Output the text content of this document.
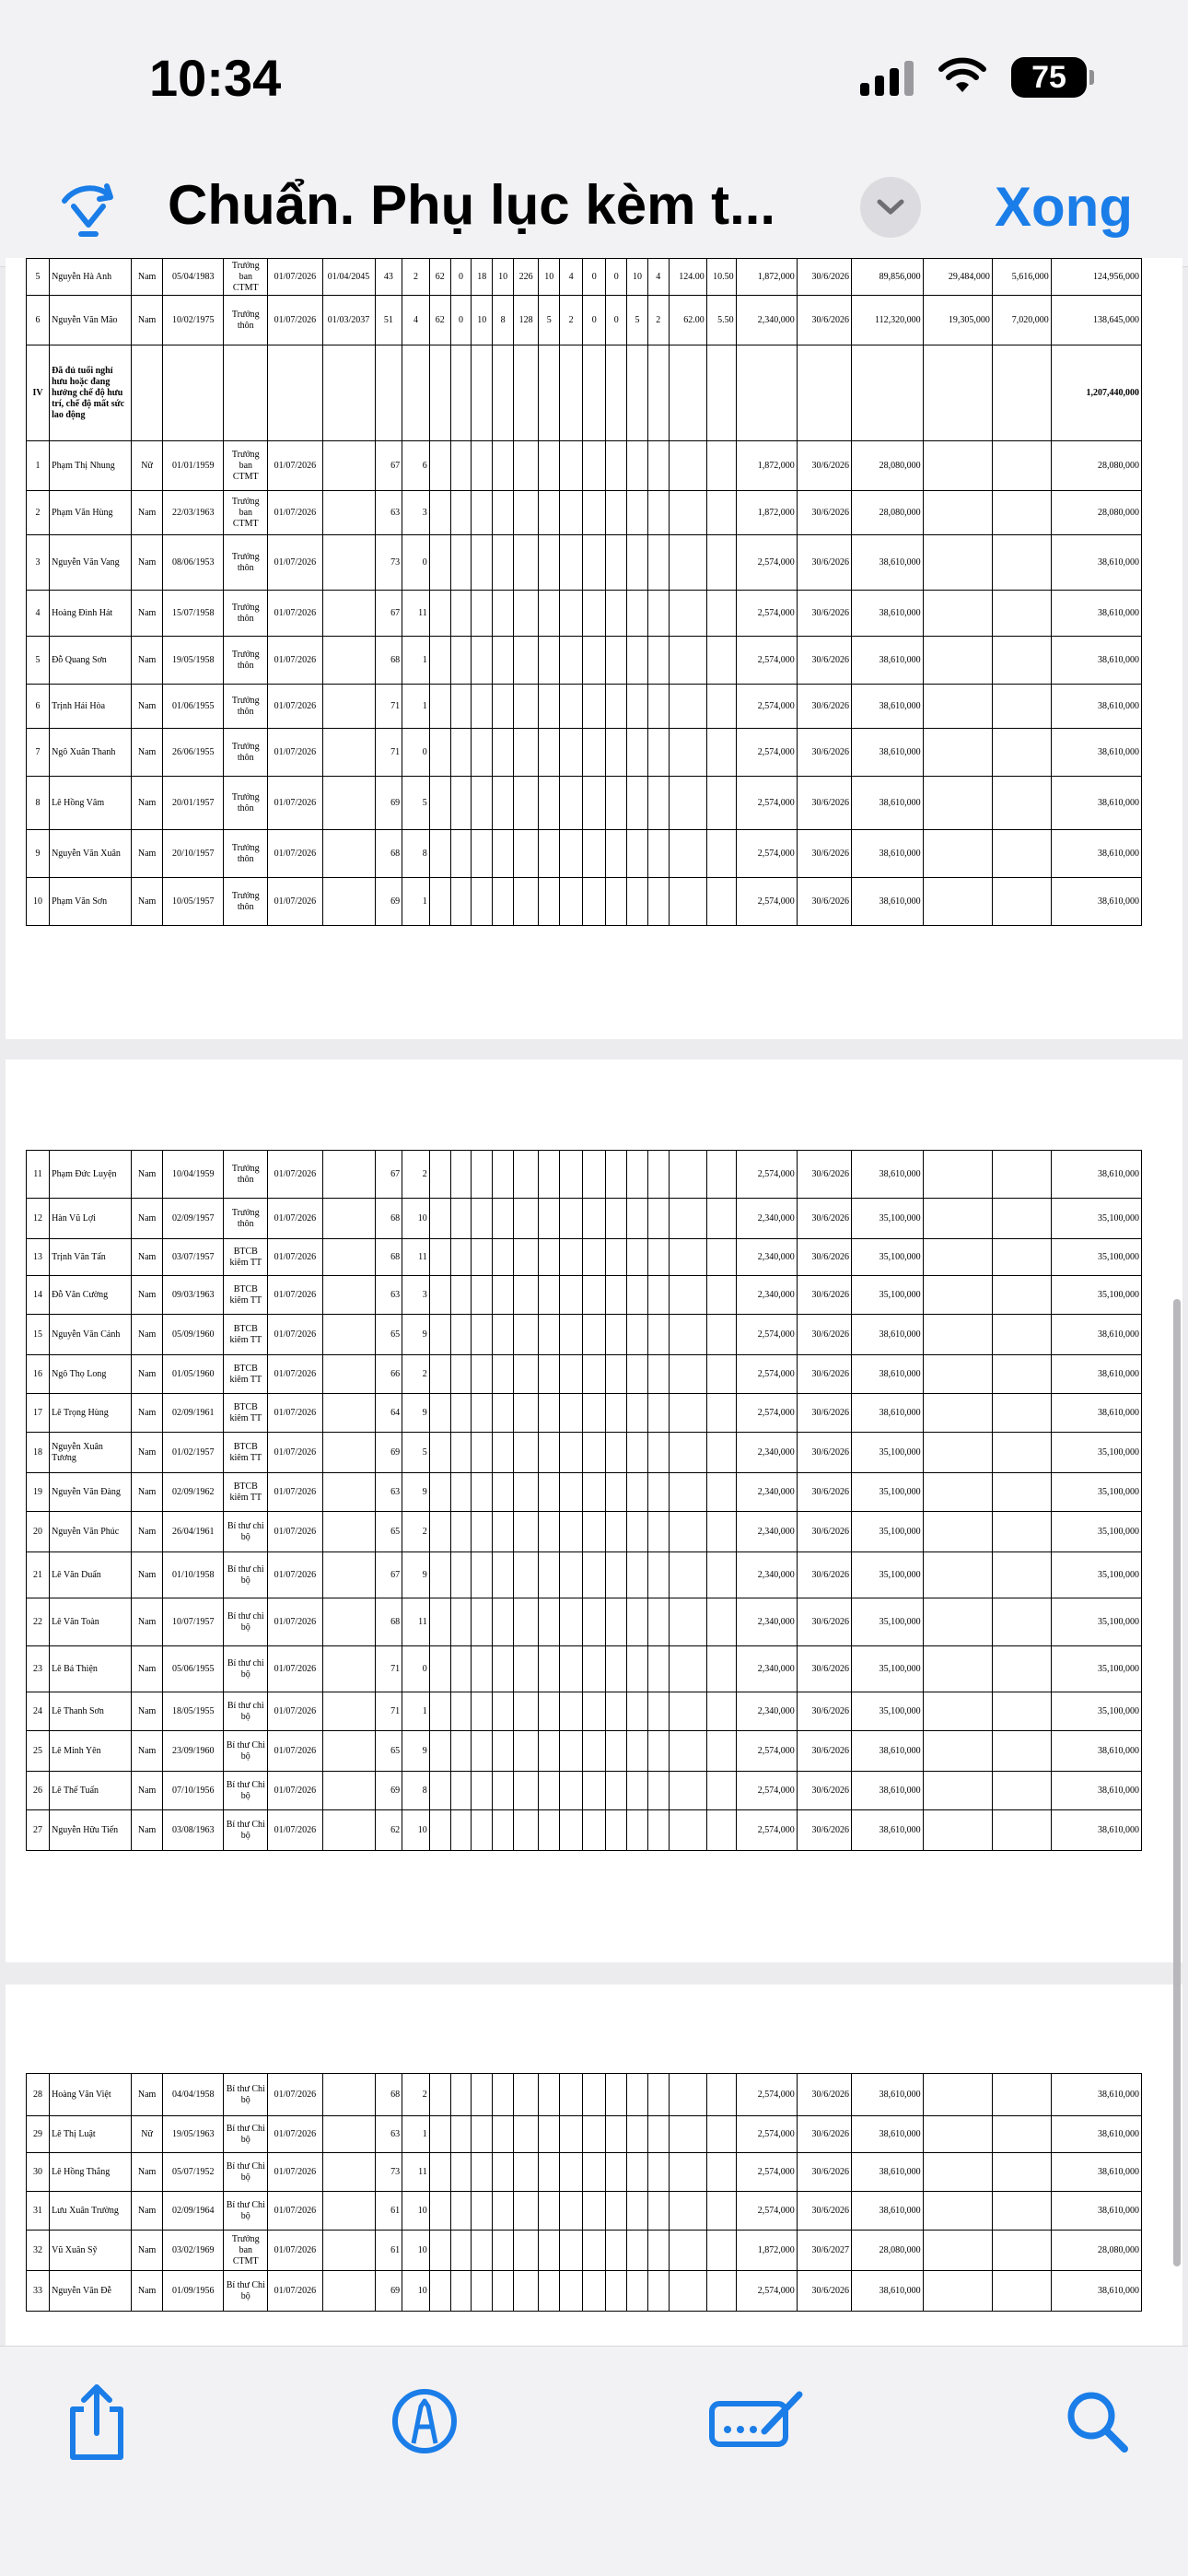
10:34	75
Chuẩn. Phụ lục kèm t...	Xong
5	Nguyễn Hà Anh	Nam	05/04/1983	Trưởng ban CTMT	01/07/2026	01/04/2045	43	2	62	0	18	10	226	10	4	0	0	10	4	124.00	10.50	1,872,000	30/6/2026	89,856,000	29,484,000	5,616,000	124,956,000
6	Nguyễn Văn Mão	Nam	10/02/1975	Trưởng thôn	01/07/2026	01/03/2037	51	4	62	0	10	8	128	5	2	0	0	5	2	62.00	5.50	2,340,000	30/6/2026	112,320,000	19,305,000	7,020,000	138,645,000
IV	Đã đủ tuổi nghỉ hưu hoặc đang hưởng chế độ hưu trí, chế độ mất sức lao động																										1,207,440,000
1	Phạm Thị Nhung	Nữ	01/01/1959	Trưởng ban CTMT	01/07/2026		67	6														1,872,000	30/6/2026	28,080,000			28,080,000
2	Phạm Văn Hùng	Nam	22/03/1963	Trưởng ban CTMT	01/07/2026		63	3														1,872,000	30/6/2026	28,080,000			28,080,000
3	Nguyễn Văn Vang	Nam	08/06/1953	Trưởng thôn	01/07/2026		73	0														2,574,000	30/6/2026	38,610,000			38,610,000
4	Hoàng Đình Hát	Nam	15/07/1958	Trưởng thôn	01/07/2026		67	11														2,574,000	30/6/2026	38,610,000			38,610,000
5	Đỗ Quang Sơn	Nam	19/05/1958	Trưởng thôn	01/07/2026		68	1														2,574,000	30/6/2026	38,610,000			38,610,000
6	Trịnh Hải Hòa	Nam	01/06/1955	Trưởng thôn	01/07/2026		71	1														2,574,000	30/6/2026	38,610,000			38,610,000
7	Ngô Xuân Thanh	Nam	26/06/1955	Trưởng thôn	01/07/2026		71	0														2,574,000	30/6/2026	38,610,000			38,610,000
8	Lê Hồng Vâm	Nam	20/01/1957	Trưởng thôn	01/07/2026		69	5														2,574,000	30/6/2026	38,610,000			38,610,000
9	Nguyễn Văn Xuân	Nam	20/10/1957	Trưởng thôn	01/07/2026		68	8														2,574,000	30/6/2026	38,610,000			38,610,000
10	Phạm Văn Sơn	Nam	10/05/1957	Trưởng thôn	01/07/2026		69	1														2,574,000	30/6/2026	38,610,000			38,610,000
11	Phạm Đức Luyện	Nam	10/04/1959	Trưởng thôn	01/07/2026		67	2														2,574,000	30/6/2026	38,610,000			38,610,000
12	Hàn Vũ Lợi	Nam	02/09/1957	Trưởng thôn	01/07/2026		68	10														2,340,000	30/6/2026	35,100,000			35,100,000
13	Trịnh Văn Tấn	Nam	03/07/1957	BTCB kiêm TT	01/07/2026		68	11														2,340,000	30/6/2026	35,100,000			35,100,000
14	Đỗ Văn Cường	Nam	09/03/1963	BTCB kiêm TT	01/07/2026		63	3														2,340,000	30/6/2026	35,100,000			35,100,000
15	Nguyễn Văn Cảnh	Nam	05/09/1960	BTCB kiêm TT	01/07/2026		65	9														2,574,000	30/6/2026	38,610,000			38,610,000
16	Ngô Thọ Long	Nam	01/05/1960	BTCB kiêm TT	01/07/2026		66	2														2,574,000	30/6/2026	38,610,000			38,610,000
17	Lê Trọng Hùng	Nam	02/09/1961	BTCB kiêm TT	01/07/2026		64	9														2,574,000	30/6/2026	38,610,000			38,610,000
18	Nguyễn Xuân Tương	Nam	01/02/1957	BTCB kiêm TT	01/07/2026		69	5														2,340,000	30/6/2026	35,100,000			35,100,000
19	Nguyễn Văn Đàng	Nam	02/09/1962	BTCB kiêm TT	01/07/2026		63	9														2,340,000	30/6/2026	35,100,000			35,100,000
20	Nguyễn Văn Phúc	Nam	26/04/1961	Bí thư chi bộ	01/07/2026		65	2														2,340,000	30/6/2026	35,100,000			35,100,000
21	Lê Văn Duẩn	Nam	01/10/1958	Bí thư chi bộ	01/07/2026		67	9														2,340,000	30/6/2026	35,100,000			35,100,000
22	Lê Văn Toàn	Nam	10/07/1957	Bí thư chi bộ	01/07/2026		68	11														2,340,000	30/6/2026	35,100,000			35,100,000
23	Lê Bá Thiện	Nam	05/06/1955	Bí thư chi bộ	01/07/2026		71	0														2,340,000	30/6/2026	35,100,000			35,100,000
24	Lê Thanh Sơn	Nam	18/05/1955	Bí thư chi bộ	01/07/2026		71	1														2,340,000	30/6/2026	35,100,000			35,100,000
25	Lê Minh Yên	Nam	23/09/1960	Bí thư Chi bộ	01/07/2026		65	9														2,574,000	30/6/2026	38,610,000			38,610,000
26	Lê Thế Tuấn	Nam	07/10/1956	Bí thư Chi bộ	01/07/2026		69	8														2,574,000	30/6/2026	38,610,000			38,610,000
27	Nguyễn Hữu Tiến	Nam	03/08/1963	Bí thư Chi bộ	01/07/2026		62	10														2,574,000	30/6/2026	38,610,000			38,610,000
28	Hoàng Văn Việt	Nam	04/04/1958	Bí thư Chi bộ	01/07/2026		68	2														2,574,000	30/6/2026	38,610,000			38,610,000
29	Lê Thị Luật	Nữ	19/05/1963	Bí thư Chi bộ	01/07/2026		63	1														2,574,000	30/6/2026	38,610,000			38,610,000
30	Lê Hồng Thắng	Nam	05/07/1952	Bí thư Chi bộ	01/07/2026		73	11														2,574,000	30/6/2026	38,610,000			38,610,000
31	Lưu Xuân Trường	Nam	02/09/1964	Bí thư Chi bộ	01/07/2026		61	10														2,574,000	30/6/2026	38,610,000			38,610,000
32	Vũ Xuân Sỹ	Nam	03/02/1969	Trưởng ban CTMT	01/07/2026		61	10														1,872,000	30/6/2027	28,080,000			28,080,000
33	Nguyễn Văn Đễ	Nam	01/09/1956	Bí thư Chi bộ	01/07/2026		69	10														2,574,000	30/6/2026	38,610,000			38,610,000
